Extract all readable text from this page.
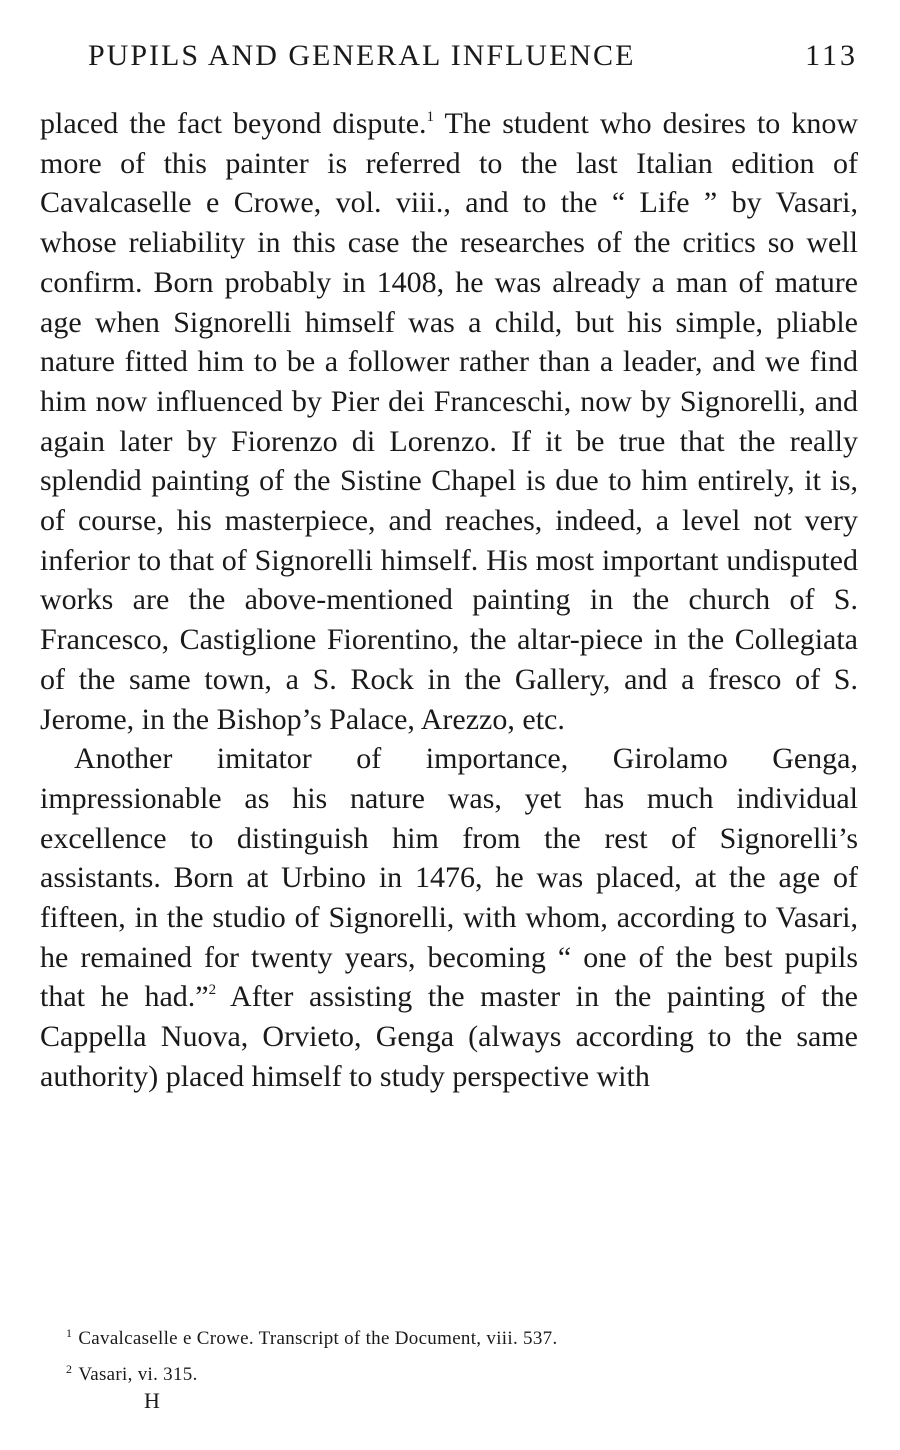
PUPILS AND GENERAL INFLUENCE	113

placed the fact beyond dispute.$^1$ The student who desires to know more of this painter is referred to the last Italian edition of Cavalcaselle e Crowe, vol. viii., and to the “ Life ” by Vasari, whose reliability in this case the researches of the critics so well confirm. Born probably in 1408, he was already a man of mature age when Signorelli himself was a child, but his simple, pliable nature fitted him to be a follower rather than a leader, and we find him now influenced by Pier dei Franceschi, now by Signorelli, and again later by Fiorenzo di Lorenzo. If it be true that the really splendid painting of the Sistine Chapel is due to him entirely, it is, of course, his masterpiece, and reaches, indeed, a level not very inferior to that of Signorelli himself. His most important undisputed works are the above-mentioned painting in the church of S. Francesco, Castiglione Fiorentino, the altar-piece in the Collegiata of the same town, a S. Rock in the Gallery, and a fresco of S. Jerome, in the Bishop’s Palace, Arezzo, etc.

Another imitator of importance, Girolamo Genga, impressionable as his nature was, yet has much individual excellence to distinguish him from the rest of Signorelli’s assistants. Born at Urbino in 1476, he was placed, at the age of fifteen, in the studio of Signorelli, with whom, according to Vasari, he remained for twenty years, becoming “ one of the best pupils that he had.”$^2$ After assisting the master in the painting of the Cappella Nuova, Orvieto, Genga (always according to the same authority) placed himself to study perspective with

$^1$ Cavalcaselle e Crowe. Transcript of the Document, viii. 537.
$^2$ Vasari, vi. 315.
H
